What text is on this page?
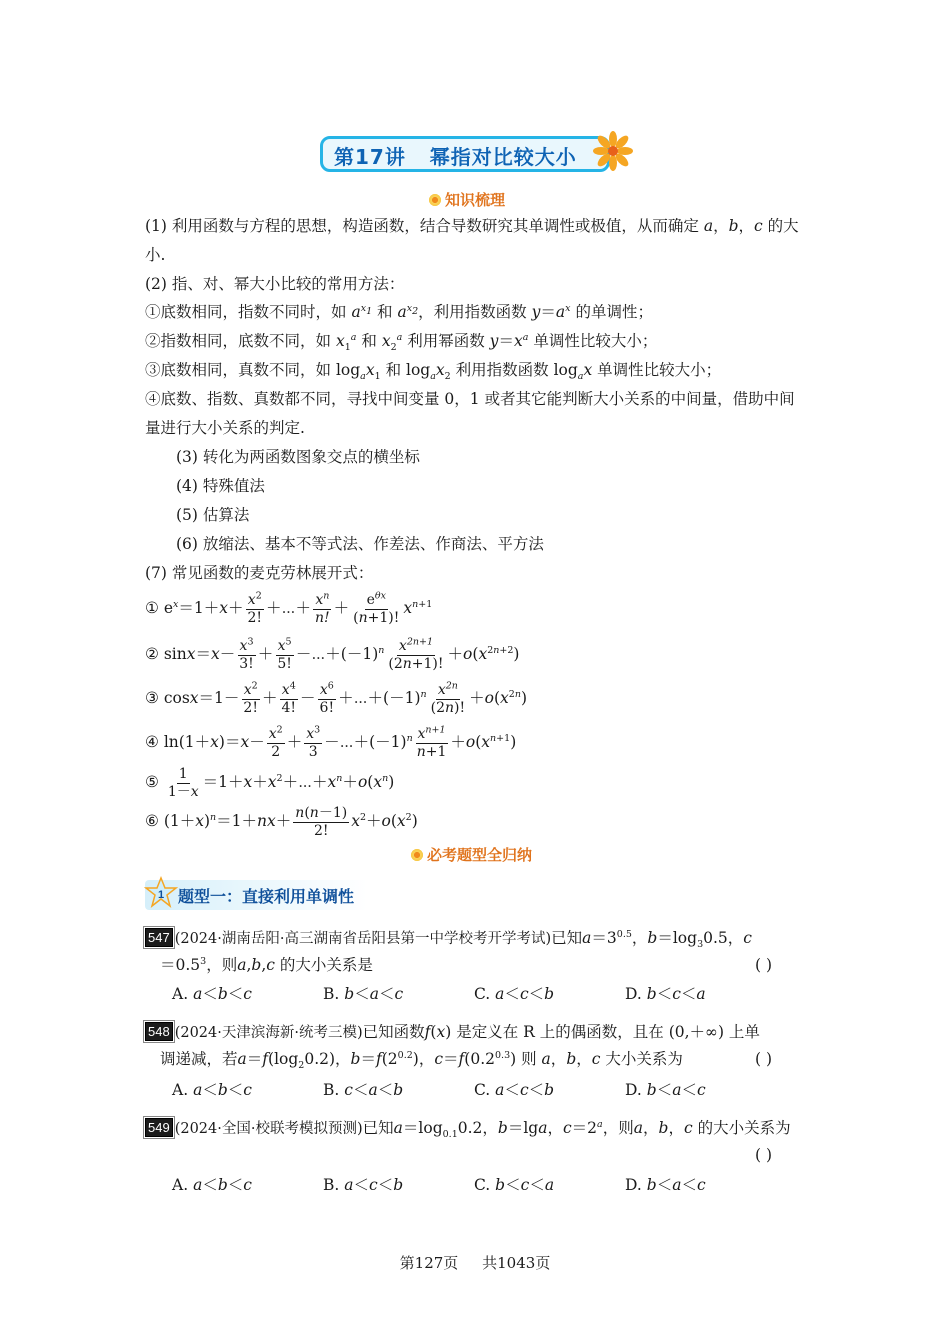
第17讲 幂指对比较大小
知识梳理
(1) 利用函数与方程的思想，构造函数，结合导数研究其单调性或极值，从而确定 a，b，c 的大
小.
(2) 指、对、幂大小比较的常用方法：
①底数相同，指数不同时，如 $a^{x_1}$ 和 $a^{x_2}$，利用指数函数 $y=a^x$ 的单调性；
②指数相同，底数不同，如 $x_1^a$ 和 $x_2^a$ 利用幂函数 $y=x^a$ 单调性比较大小；
③底数相同，真数不同，如 $\log_ax_1$ 和 $\log_ax_2$ 利用指数函数 $\log_ax$ 单调性比较大小；
④底数、指数、真数都不同，寻找中间变量 0，1 或者其它能判断大小关系的中间量，借助中间
量进行大小关系的判定.
(3) 转化为两函数图象交点的横坐标
(4) 特殊值法
(5) 估算法
(6) 放缩法、基本不等式法、作差法、作商法、平方法
(7) 常见函数的麦克劳林展开式：
① $e^x=1+x+ \frac{x^2}{2!}$ ＋⋯＋ $\frac{x^n}{n!} + \frac{e^{\theta x}}{(n+1)!} x^{n+1}$
② $\sin x=x- \frac{x^3}{3!} + \frac{x^5}{5!}$ $-\cdots+(-1)^n \frac{x^{2n+1}}{(2n+1)!} +o(x^{2n+2})$
③ $\cos x=1- \frac{x^2}{2!} + \frac{x^4}{4!} - \frac{x^6}{6!}$ $+\cdots+(-1)^n \frac{x^{2n}}{(2n)!} +o(x^{2n})$
④ $\ln(1+x)=x- \frac{x^2}{2} + \frac{x^3}{3}$ $-\cdots+(-1)^n \frac{x^{n+1}}{n+1} +o(x^{n+1})$
⑤ $\frac{1}{1-x}$ $=1+x+x^2+\cdots+x^n+o(x^n)$
⑥ $(1+x)^n=1+nx+ \frac{n(n-1)}{2!} x^2+o(x^2)$
必考题型全归纳
1 题型一：直接利用单调性
547 (2024·湖南岳阳·高三湖南省岳阳县第一中学校考开学考试)已知$a=3^{0.5}$，$b=\log_30.5$，c
$=0.5^3$，则a,b,c 的大小关系是	( )
A. a＜b＜c	B. b＜a＜c	C. a＜c＜b	D. b＜c＜a
548 (2024·天津滨海新·统考三模)已知函数f(x) 是定义在 R 上的偶函数，且在 (0,＋∞) 上单
调递减，若$a=f(\log_20.2)$，$b=f(2^{0.2})$，$c=f(0.2^{0.3})$ 则 a，b，c 大小关系为	( )
A. a＜b＜c	B. c＜a＜b	C. a＜c＜b	D. b＜a＜c
549 (2024·全国·校联考模拟预测)已知$a=\log_{0.1}0.2$，b＝lga，$c=2^a$，则a，b，c 的大小关系为
( )
A. a＜b＜c	B. a＜c＜b	C. b＜c＜a	D. b＜a＜c
第127页 共1043页
